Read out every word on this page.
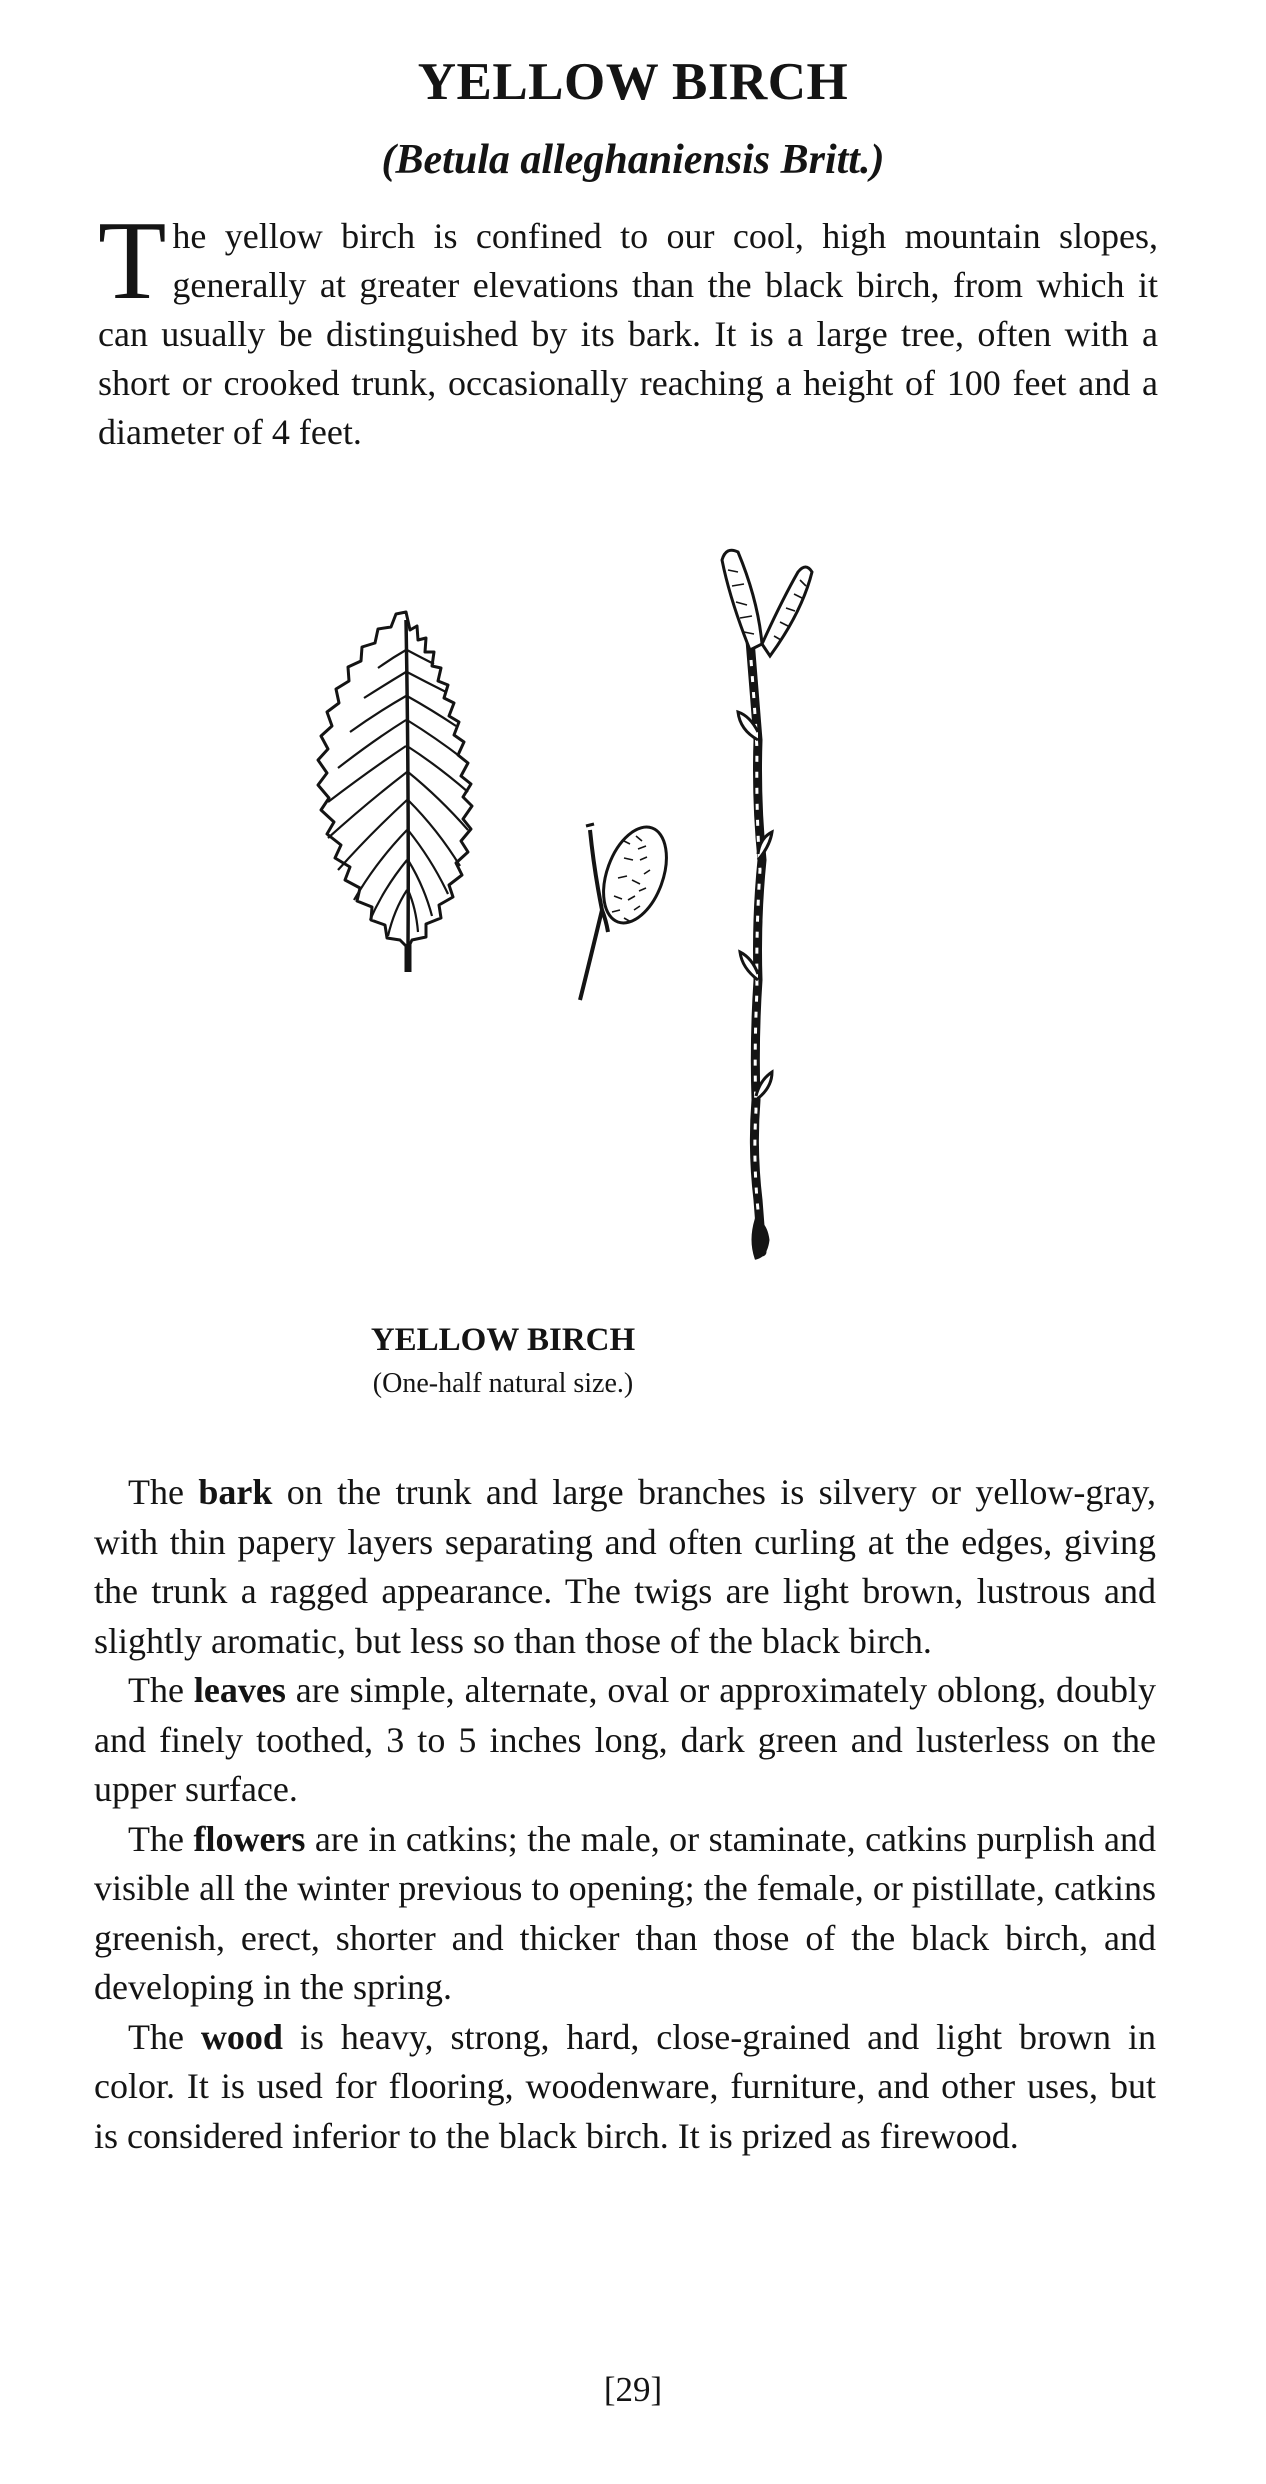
YELLOW BIRCH
(Betula alleghaniensis Britt.)

The yellow birch is confined to our cool, high mountain slopes, generally at greater elevations than the black birch, from which it can usually be distinguished by its bark. It is a large tree, often with a short or crooked trunk, occasionally reaching a height of 100 feet and a diameter of 4 feet.

YELLOW BIRCH

(One-half natural size.)

The bark on the trunk and large branches is silvery or yellow-gray, with thin papery layers separating and often curling at the edges, giving the trunk a ragged appearance. The twigs are light brown, lustrous and slightly aromatic, but less so than those of the black birch.

The leaves are simple, alternate, oval or approximately oblong, doubly and finely toothed, 3 to 5 inches long, dark green and lusterless on the upper surface.

The flowers are in catkins; the male, or staminate, catkins purplish and visible all the winter previous to opening; the female, or pistillate, catkins greenish, erect, shorter and thicker than those of the black birch, and developing in the spring.

The wood is heavy, strong, hard, close-grained and light brown in color. It is used for flooring, woodenware, furniture, and other uses, but is considered inferior to the black birch. It is prized as firewood.

[29]
